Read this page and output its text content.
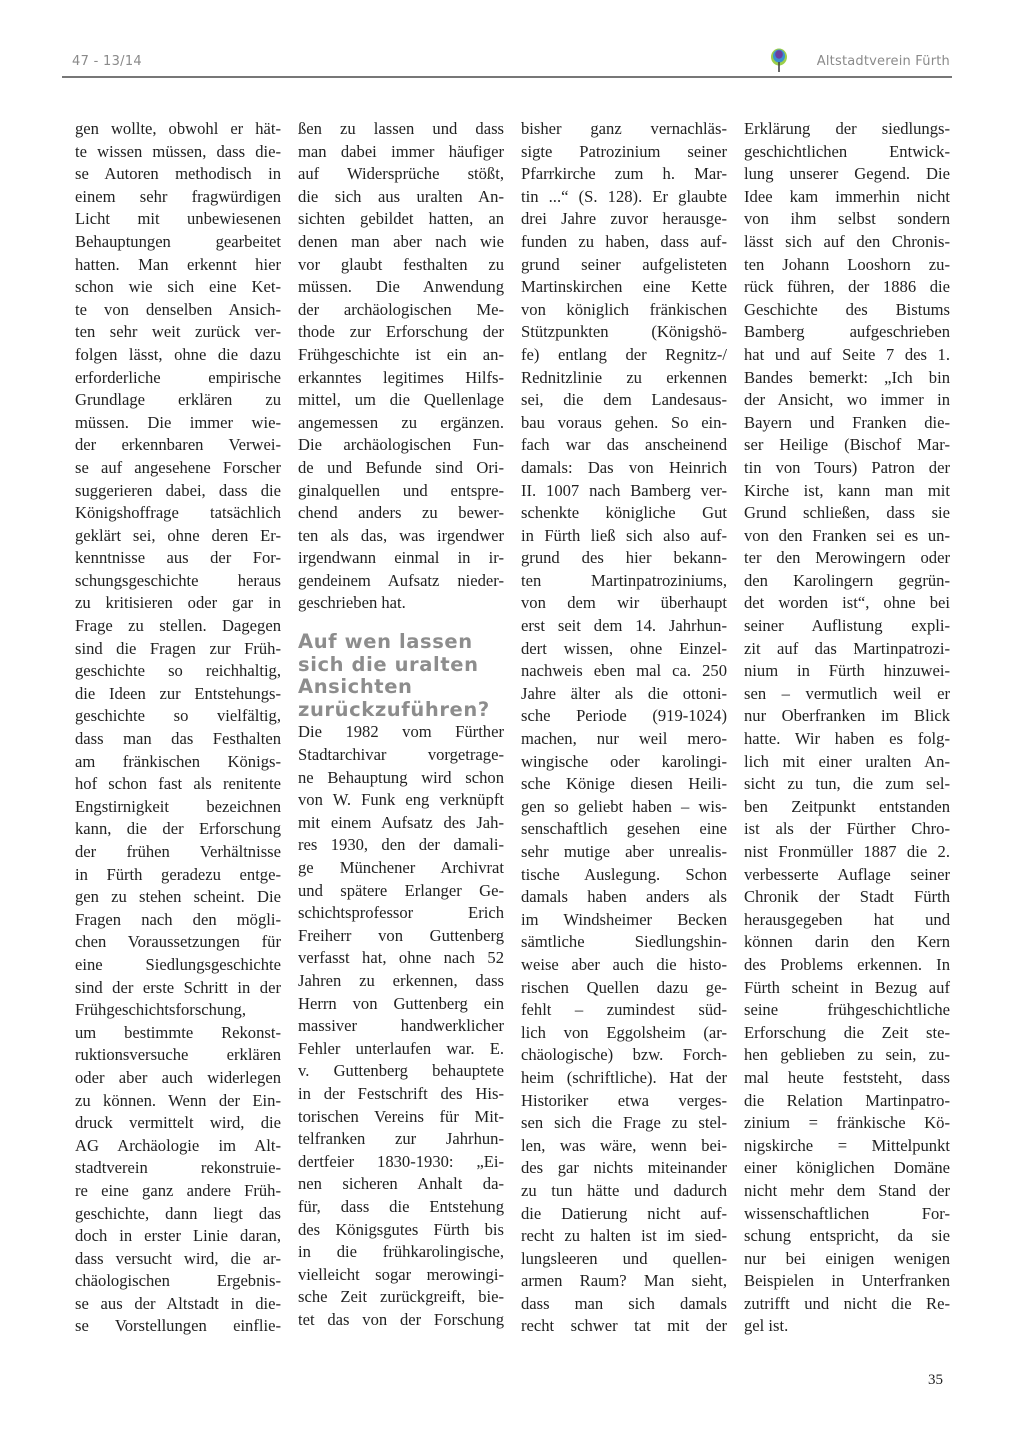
47 - 13/14	Altstadtverein Fürth
gen wollte, obwohl er hät-
te wissen müssen, dass die-
se Autoren methodisch in
einem sehr fragwürdigen
Licht mit unbewiesenen
Behauptungen gearbeitet
hatten. Man erkennt hier
schon wie sich eine Ket-
te von denselben Ansich-
ten sehr weit zurück ver-
folgen lässt, ohne die dazu
erforderliche empirische
Grundlage erklären zu
müssen. Die immer wie-
der erkennbaren Verwei-
se auf angesehene Forscher
suggerieren dabei, dass die
Königshoffrage tatsächlich
geklärt sei, ohne deren Er-
kenntnisse aus der For-
schungsgeschichte heraus
zu kritisieren oder gar in
Frage zu stellen. Dagegen
sind die Fragen zur Früh-
geschichte so reichhaltig,
die Ideen zur Entstehungs-
geschichte so vielfältig,
dass man das Festhalten
am fränkischen Königs-
hof schon fast als renitente
Engstirnigkeit bezeichnen
kann, die der Erforschung
der frühen Verhältnisse
in Fürth geradezu entge-
gen zu stehen scheint. Die
Fragen nach den mögli-
chen Voraussetzungen für
eine Siedlungsgeschichte
sind der erste Schritt in der
Frühgeschichtsforschung,
um bestimmte Rekonst-
ruktionsversuche erklären
oder aber auch widerlegen
zu können. Wenn der Ein-
druck vermittelt wird, die
AG Archäologie im Alt-
stadtverein rekonstruie-
re eine ganz andere Früh-
geschichte, dann liegt das
doch in erster Linie daran,
dass versucht wird, die ar-
chäologischen Ergebnis-
se aus der Altstadt in die-
se Vorstellungen einflie-
ßen zu lassen und dass
man dabei immer häufiger
auf Widersprüche stößt,
die sich aus uralten An-
sichten gebildet hatten, an
denen man aber nach wie
vor glaubt festhalten zu
müssen. Die Anwendung
der archäologischen Me-
thode zur Erforschung der
Frühgeschichte ist ein an-
erkanntes legitimes Hilfs-
mittel, um die Quellenlage
angemessen zu ergänzen.
Die archäologischen Fun-
de und Befunde sind Ori-
ginalquellen und entspre-
chend anders zu bewer-
ten als das, was irgendwer
irgendwann einmal in ir-
gendeinem Aufsatz nieder-
geschrieben hat.
Auf wen lassen
sich die uralten
Ansichten
zurückzuführen?
Die 1982 vom Fürther
Stadtarchivar vorgetrage-
ne Behauptung wird schon
von W. Funk eng verknüpft
mit einem Aufsatz des Jah-
res 1930, den der damali-
ge Münchener Archivrat
und spätere Erlanger Ge-
schichtsprofessor Erich
Freiherr von Guttenberg
verfasst hat, ohne nach 52
Jahren zu erkennen, dass
Herrn von Guttenberg ein
massiver handwerklicher
Fehler unterlaufen war. E.
v. Guttenberg behauptete
in der Festschrift des His-
torischen Vereins für Mit-
telfranken zur Jahrhun-
dertfeier 1830-1930: „Ei-
nen sicheren Anhalt da-
für, dass die Entstehung
des Königsgutes Fürth bis
in die frühkarolingische,
vielleicht sogar merowingi-
sche Zeit zurückgreift, bie-
tet das von der Forschung
bisher ganz vernachläs-
sigte Patrozinium seiner
Pfarrkirche zum h. Mar-
tin ...“ (S. 128). Er glaubte
drei Jahre zuvor herausge-
funden zu haben, dass auf-
grund seiner aufgelisteten
Martinskirchen eine Kette
von königlich fränkischen
Stützpunkten (Königshö-
fe) entlang der Regnitz-/
Rednitzlinie zu erkennen
sei, die dem Landesaus-
bau voraus gehen. So ein-
fach war das anscheinend
damals: Das von Heinrich
II. 1007 nach Bamberg ver-
schenkte königliche Gut
in Fürth ließ sich also auf-
grund des hier bekann-
ten Martinpatroziniums,
von dem wir überhaupt
erst seit dem 14. Jahrhun-
dert wissen, ohne Einzel-
nachweis eben mal ca. 250
Jahre älter als die ottoni-
sche Periode (919-1024)
machen, nur weil mero-
wingische oder karolingi-
sche Könige diesen Heili-
gen so geliebt haben – wis-
senschaftlich gesehen eine
sehr mutige aber unrealis-
tische Auslegung. Schon
damals haben anders als
im Windsheimer Becken
sämtliche Siedlungshin-
weise aber auch die histo-
rischen Quellen dazu ge-
fehlt – zumindest süd-
lich von Eggolsheim (ar-
chäologische) bzw. Forch-
heim (schriftliche). Hat der
Historiker etwa verges-
sen sich die Frage zu stel-
len, was wäre, wenn bei-
des gar nichts miteinander
zu tun hätte und dadurch
die Datierung nicht auf-
recht zu halten ist im sied-
lungsleeren und quellen-
armen Raum? Man sieht,
dass man sich damals
recht schwer tat mit der
Erklärung der siedlungs-
geschichtlichen Entwick-
lung unserer Gegend. Die
Idee kam immerhin nicht
von ihm selbst sondern
lässt sich auf den Chronis-
ten Johann Looshorn zu-
rück führen, der 1886 die
Geschichte des Bistums
Bamberg aufgeschrieben
hat und auf Seite 7 des 1.
Bandes bemerkt: „Ich bin
der Ansicht, wo immer in
Bayern und Franken die-
ser Heilige (Bischof Mar-
tin von Tours) Patron der
Kirche ist, kann man mit
Grund schließen, dass sie
von den Franken sei es un-
ter den Merowingern oder
den Karolingern gegrün-
det worden ist“, ohne bei
seiner Auflistung expli-
zit auf das Martinpatrozi-
nium in Fürth hinzuwei-
sen – vermutlich weil er
nur Oberfranken im Blick
hatte. Wir haben es folg-
lich mit einer uralten An-
sicht zu tun, die zum sel-
ben Zeitpunkt entstanden
ist als der Fürther Chro-
nist Fronmüller 1887 die 2.
verbesserte Auflage seiner
Chronik der Stadt Fürth
herausgegeben hat und
können darin den Kern
des Problems erkennen. In
Fürth scheint in Bezug auf
seine frühgeschichtliche
Erforschung die Zeit ste-
hen geblieben zu sein, zu-
mal heute feststeht, dass
die Relation Martinpatro-
zinium = fränkische Kö-
nigskirche = Mittelpunkt
einer königlichen Domäne
nicht mehr dem Stand der
wissenschaftlichen For-
schung entspricht, da sie
nur bei einigen wenigen
Beispielen in Unterfranken
zutrifft und nicht die Re-
gel ist.
35
